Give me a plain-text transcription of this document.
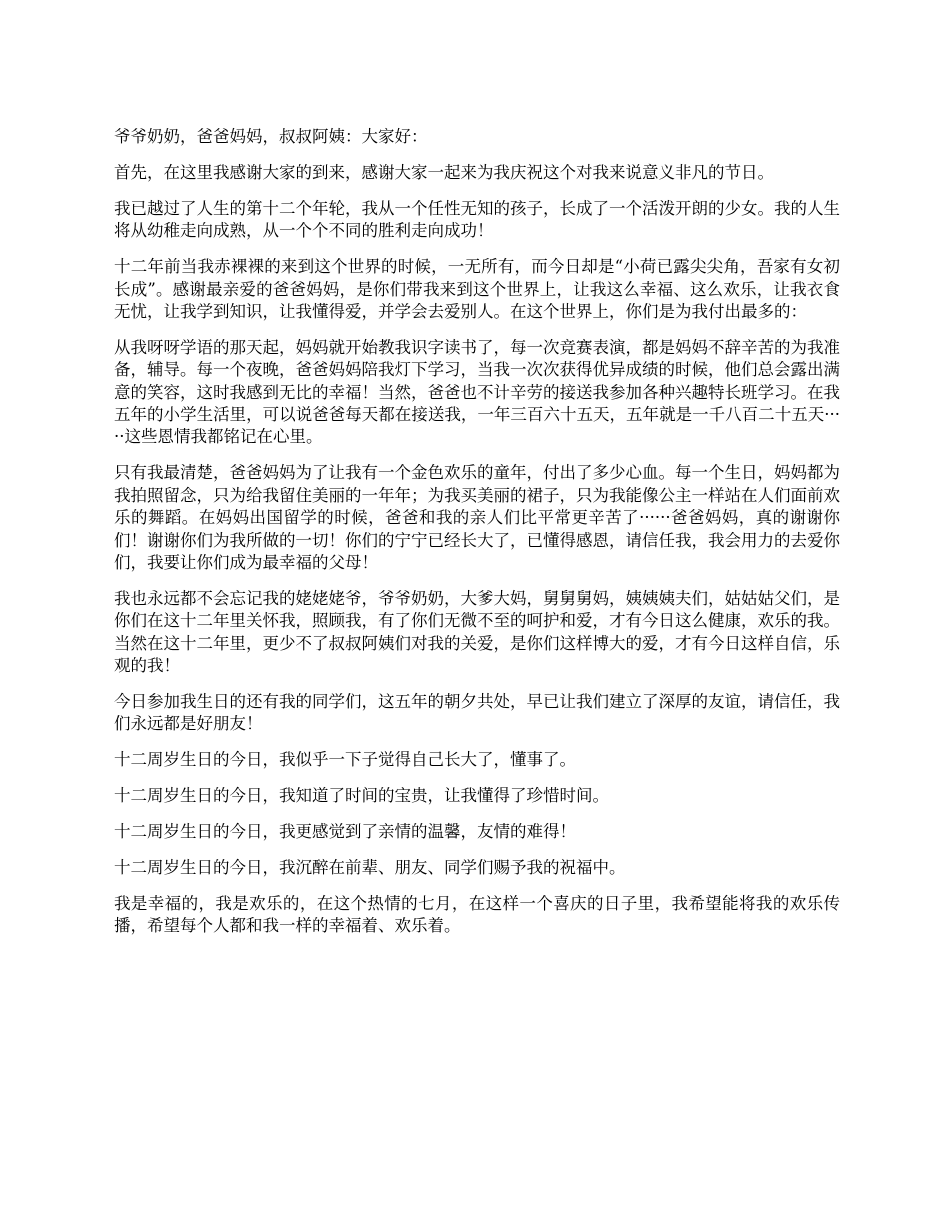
爷爷奶奶，爸爸妈妈，叔叔阿姨：大家好：

首先，在这里我感谢大家的到来，感谢大家一起来为我庆祝这个对我来说意义非凡的节日。

我已越过了人生的第十二个年轮，我从一个任性无知的孩子，长成了一个活泼开朗的少女。我的人生将从幼稚走向成熟，从一个个不同的胜利走向成功！

十二年前当我赤裸裸的来到这个世界的时候，一无所有，而今日却是“小荷已露尖尖角，吾家有女初长成”。感谢最亲爱的爸爸妈妈，是你们带我来到这个世界上，让我这么幸福、这么欢乐，让我衣食无忧，让我学到知识，让我懂得爱，并学会去爱别人。在这个世界上，你们是为我付出最多的：

从我呀呀学语的那天起，妈妈就开始教我识字读书了，每一次竞赛表演，都是妈妈不辞辛苦的为我准备，辅导。每一个夜晚，爸爸妈妈陪我灯下学习，当我一次次获得优异成绩的时候，他们总会露出满意的笑容，这时我感到无比的幸福！当然，爸爸也不计辛劳的接送我参加各种兴趣特长班学习。在我五年的小学生活里，可以说爸爸每天都在接送我，一年三百六十五天，五年就是一千八百二十五天·····这些恩情我都铭记在心里。

只有我最清楚，爸爸妈妈为了让我有一个金色欢乐的童年，付出了多少心血。每一个生日，妈妈都为我拍照留念，只为给我留住美丽的一年年；为我买美丽的裙子，只为我能像公主一样站在人们面前欢乐的舞蹈。在妈妈出国留学的时候，爸爸和我的亲人们比平常更辛苦了······爸爸妈妈，真的谢谢你们！谢谢你们为我所做的一切！你们的宁宁已经长大了，已懂得感恩，请信任我，我会用力的去爱你们，我要让你们成为最幸福的父母！

我也永远都不会忘记我的姥姥姥爷，爷爷奶奶，大爹大妈，舅舅舅妈，姨姨姨夫们，姑姑姑父们，是你们在这十二年里关怀我，照顾我，有了你们无微不至的呵护和爱，才有今日这么健康，欢乐的我。当然在这十二年里，更少不了叔叔阿姨们对我的关爱，是你们这样博大的爱，才有今日这样自信，乐观的我！

今日参加我生日的还有我的同学们，这五年的朝夕共处，早已让我们建立了深厚的友谊，请信任，我们永远都是好朋友！

十二周岁生日的今日，我似乎一下子觉得自己长大了，懂事了。

十二周岁生日的今日，我知道了时间的宝贵，让我懂得了珍惜时间。

十二周岁生日的今日，我更感觉到了亲情的温馨，友情的难得！

十二周岁生日的今日，我沉醉在前辈、朋友、同学们赐予我的祝福中。

我是幸福的，我是欢乐的，在这个热情的七月，在这样一个喜庆的日子里，我希望能将我的欢乐传播，希望每个人都和我一样的幸福着、欢乐着。
